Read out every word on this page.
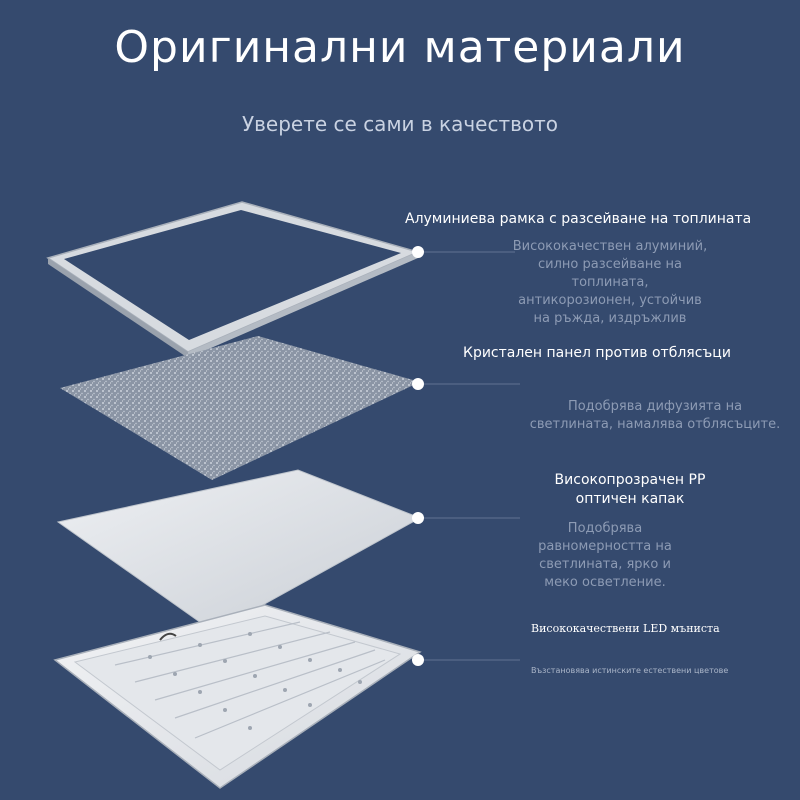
Оригинални материали
Уверете се сами в качеството
Алуминиева рамка с разсейване на топлината
Висококачествен алуминий,
силно разсейване на
топлината,
антикорозионен, устойчив
на ръжда, издръжлив
Кристален панел против отблясъци
Подобрява дифузията на
светлината, намалява отблясъците.
Високопрозрачен PP
оптичен капак
Подобрява
равномерността на
светлината, ярко и
меко осветление.
Висококачествени LED мъниста
Възстановява истинските естествени цветове
